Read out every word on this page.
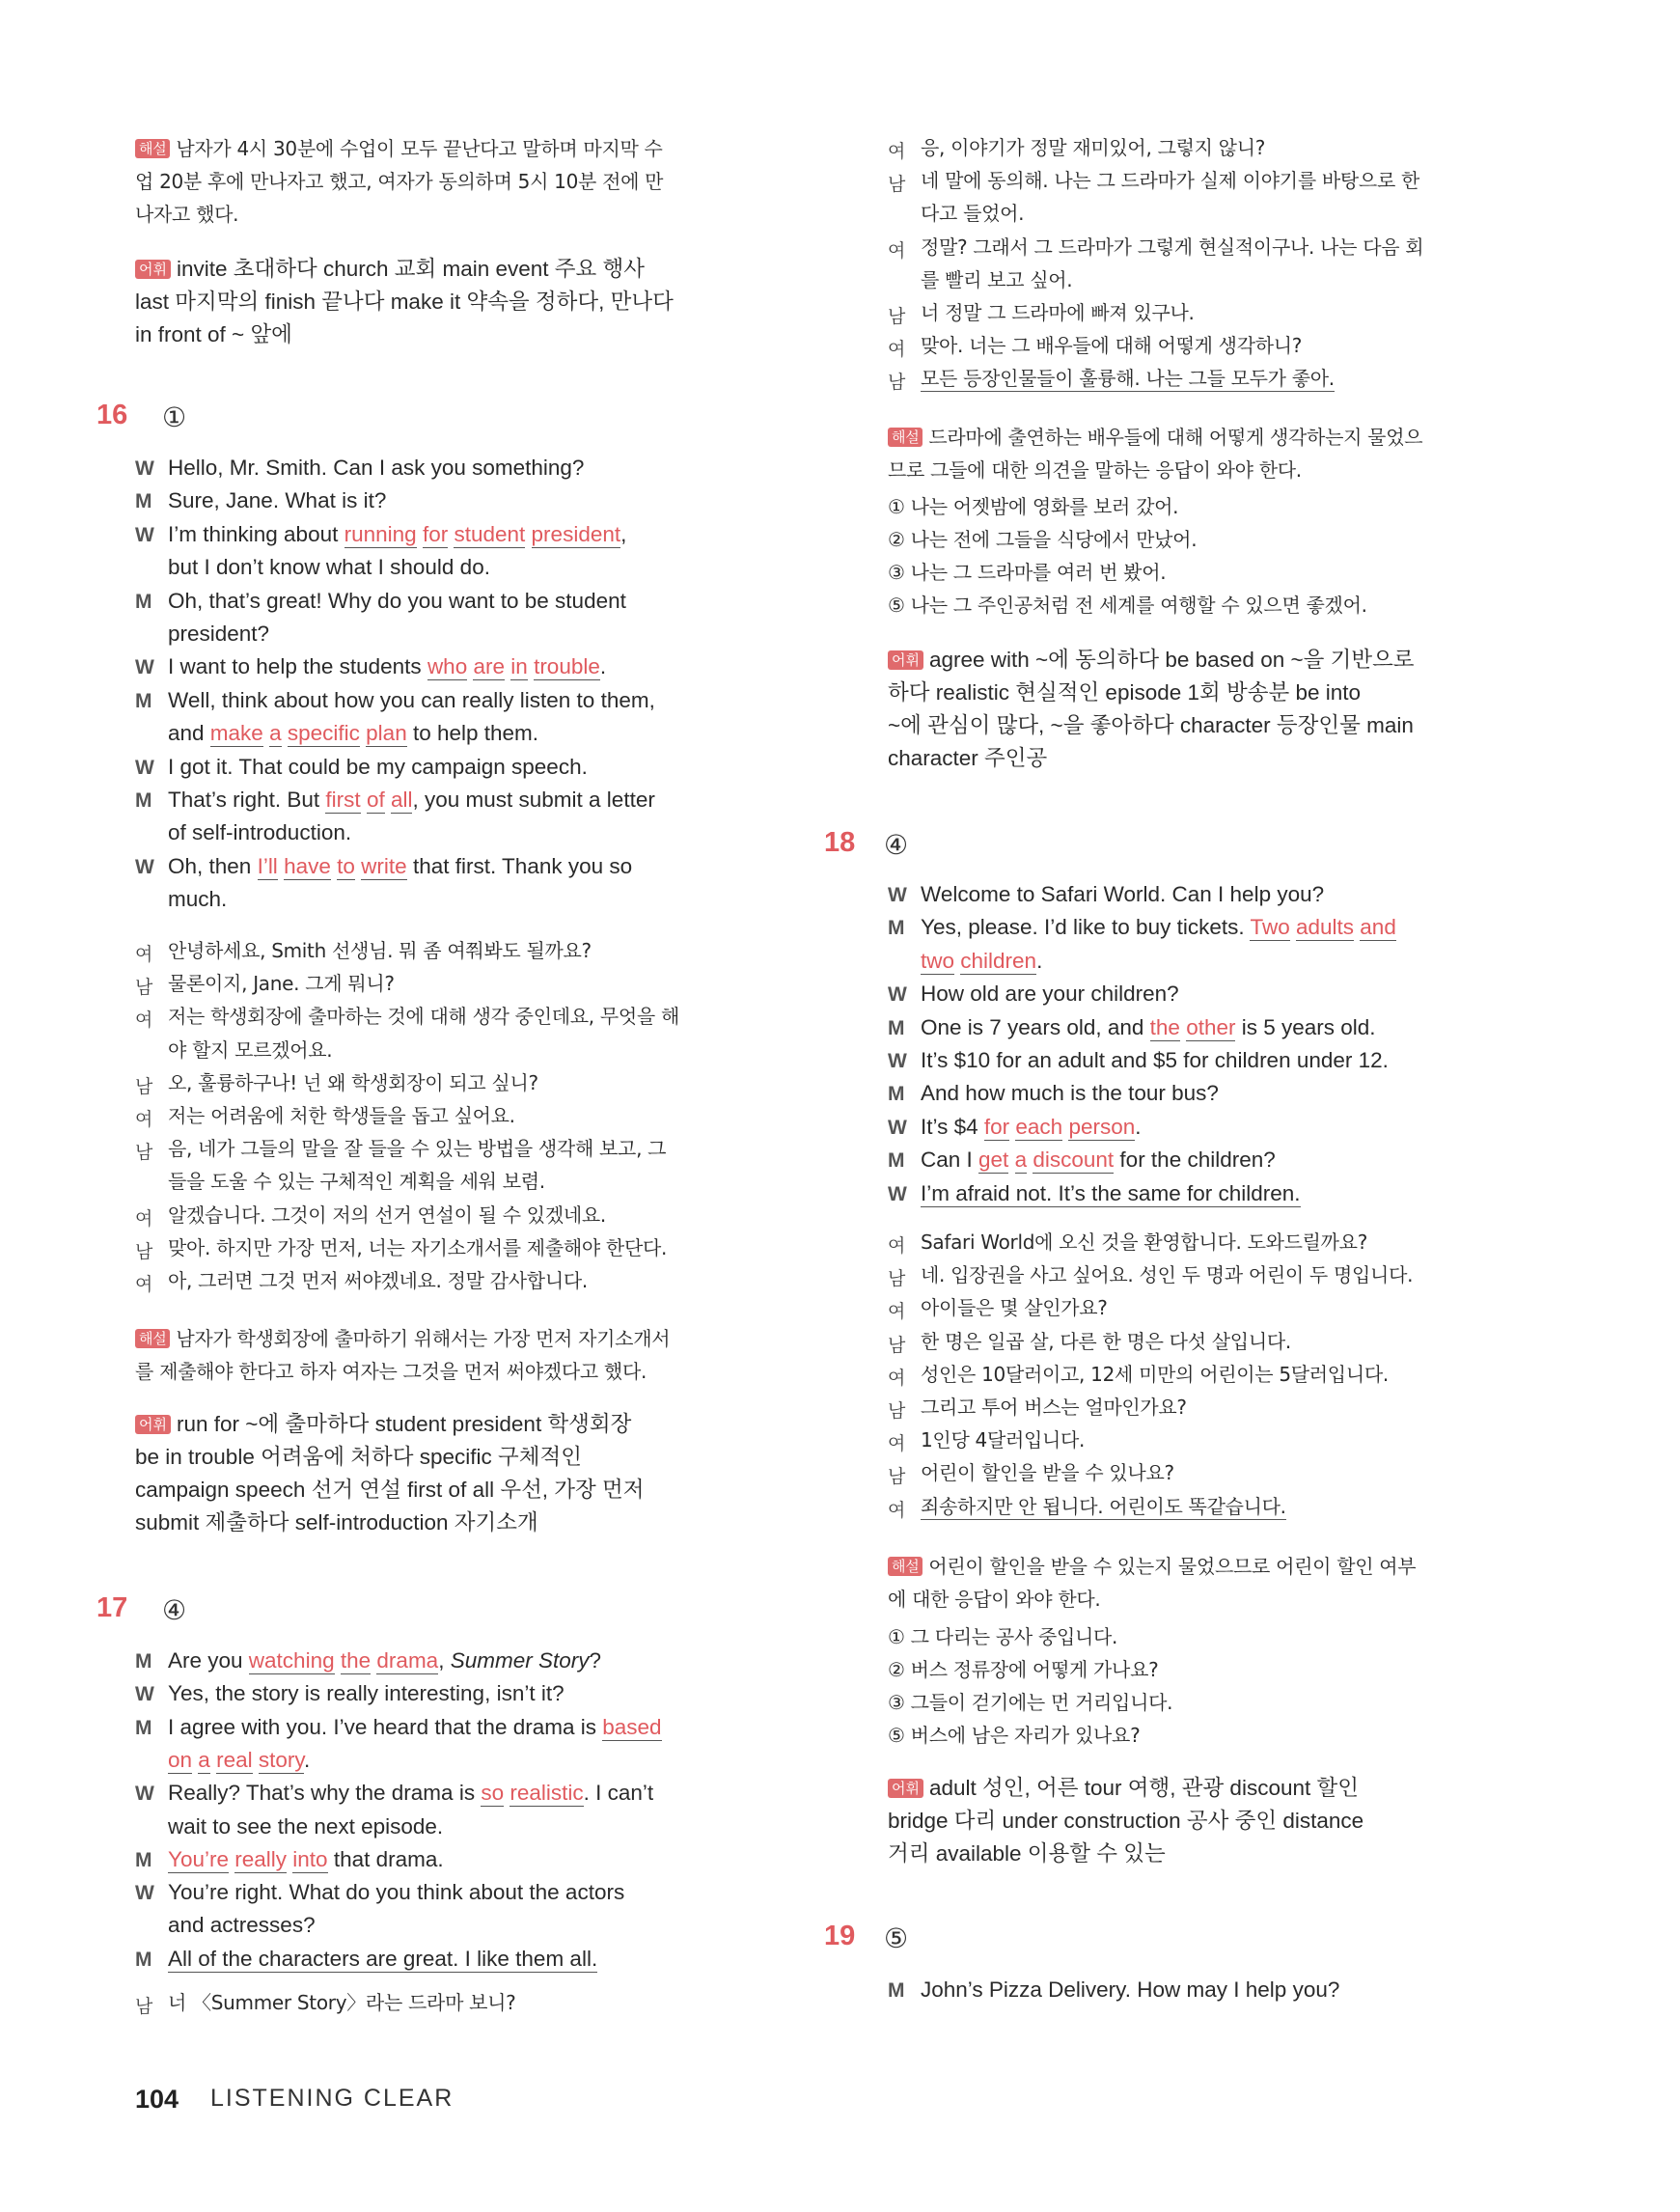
해설 남자가 4시 30분에 수업이 모두 끝난다고 말하며 마지막 수
업 20분 후에 만나자고 했고, 여자가 동의하며 5시 10분 전에 만
나자고 했다.
어휘 invite 초대하다 church 교회 main event 주요 행사
last 마지막의 finish 끝나다 make it 약속을 정하다, 만나다
in front of ~ 앞에
16 ①
W Hello, Mr. Smith. Can I ask you something?
M Sure, Jane. What is it?
W I’m thinking about running for student president,
but I don’t know what I should do.
M Oh, that’s great! Why do you want to be student
president?
W I want to help the students who are in trouble.
M Well, think about how you can really listen to them,
and make a specific plan to help them.
W I got it. That could be my campaign speech.
M That’s right. But first of all, you must submit a letter
of self-introduction.
W Oh, then I’ll have to write that first. Thank you so
much.
여 안녕하세요, Smith 선생님. 뭐 좀 여쭤봐도 될까요?
남 물론이지, Jane. 그게 뭐니?
여 저는 학생회장에 출마하는 것에 대해 생각 중인데요, 무엇을 해
야 할지 모르겠어요.
남 오, 훌륭하구나! 넌 왜 학생회장이 되고 싶니?
여 저는 어려움에 처한 학생들을 돕고 싶어요.
남 음, 네가 그들의 말을 잘 들을 수 있는 방법을 생각해 보고, 그
들을 도울 수 있는 구체적인 계획을 세워 보렴.
여 알겠습니다. 그것이 저의 선거 연설이 될 수 있겠네요.
남 맞아. 하지만 가장 먼저, 너는 자기소개서를 제출해야 한단다.
여 아, 그러면 그것 먼저 써야겠네요. 정말 감사합니다.
해설 남자가 학생회장에 출마하기 위해서는 가장 먼저 자기소개서
를 제출해야 한다고 하자 여자는 그것을 먼저 써야겠다고 했다.
어휘 run for ~에 출마하다 student president 학생회장
be in trouble 어려움에 처하다 specific 구체적인
campaign speech 선거 연설 first of all 우선, 가장 먼저
submit 제출하다 self-introduction 자기소개
17 ④
M Are you watching the drama, Summer Story?
W Yes, the story is really interesting, isn’t it?
M I agree with you. I’ve heard that the drama is based
on a real story.
W Really? That’s why the drama is so realistic. I can’t
wait to see the next episode.
M You’re really into that drama.
W You’re right. What do you think about the actors
and actresses?
M All of the characters are great. I like them all.
남 너 〈Summer Story〉라는 드라마 보니?
여 응, 이야기가 정말 재미있어, 그렇지 않니?
남 네 말에 동의해. 나는 그 드라마가 실제 이야기를 바탕으로 한
다고 들었어.
여 정말? 그래서 그 드라마가 그렇게 현실적이구나. 나는 다음 회
를 빨리 보고 싶어.
남 너 정말 그 드라마에 빠져 있구나.
여 맞아. 너는 그 배우들에 대해 어떻게 생각하니?
남 모든 등장인물들이 훌륭해. 나는 그들 모두가 좋아.
해설 드라마에 출연하는 배우들에 대해 어떻게 생각하는지 물었으
므로 그들에 대한 의견을 말하는 응답이 와야 한다.
① 나는 어젯밤에 영화를 보러 갔어.
② 나는 전에 그들을 식당에서 만났어.
③ 나는 그 드라마를 여러 번 봤어.
⑤ 나는 그 주인공처럼 전 세계를 여행할 수 있으면 좋겠어.
어휘 agree with ~에 동의하다 be based on ~을 기반으로
하다 realistic 현실적인 episode 1회 방송분 be into
~에 관심이 많다, ~을 좋아하다 character 등장인물 main
character 주인공
18 ④
W Welcome to Safari World. Can I help you?
M Yes, please. I’d like to buy tickets. Two adults and
two children.
W How old are your children?
M One is 7 years old, and the other is 5 years old.
W It’s $10 for an adult and $5 for children under 12.
M And how much is the tour bus?
W It’s $4 for each person.
M Can I get a discount for the children?
W I’m afraid not. It’s the same for children.
여 Safari World에 오신 것을 환영합니다. 도와드릴까요?
남 네. 입장권을 사고 싶어요. 성인 두 명과 어린이 두 명입니다.
여 아이들은 몇 살인가요?
남 한 명은 일곱 살, 다른 한 명은 다섯 살입니다.
여 성인은 10달러이고, 12세 미만의 어린이는 5달러입니다.
남 그리고 투어 버스는 얼마인가요?
여 1인당 4달러입니다.
남 어린이 할인을 받을 수 있나요?
여 죄송하지만 안 됩니다. 어린이도 똑같습니다.
해설 어린이 할인을 받을 수 있는지 물었으므로 어린이 할인 여부
에 대한 응답이 와야 한다.
① 그 다리는 공사 중입니다.
② 버스 정류장에 어떻게 가나요?
③ 그들이 걷기에는 먼 거리입니다.
⑤ 버스에 남은 자리가 있나요?
어휘 adult 성인, 어른 tour 여행, 관광 discount 할인
bridge 다리 under construction 공사 중인 distance
거리 available 이용할 수 있는
19 ⑤
M John’s Pizza Delivery. How may I help you?
104 LISTENING CLEAR
